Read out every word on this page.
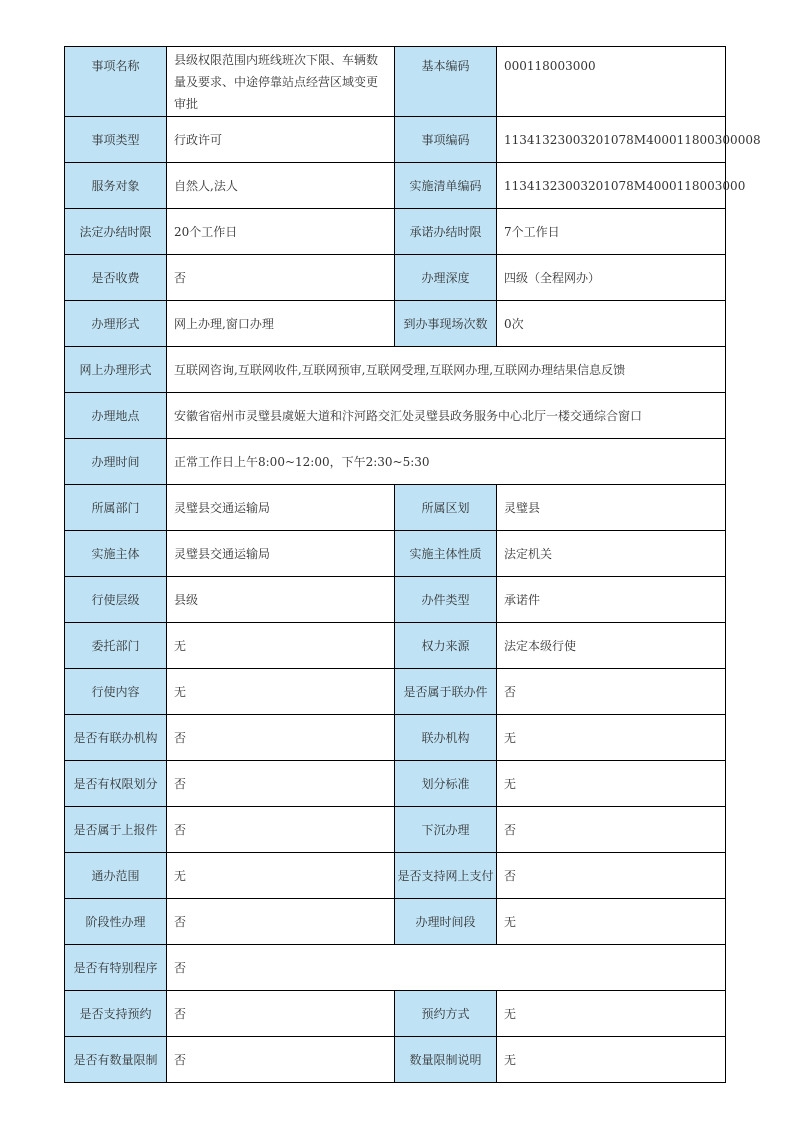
事项名称	县级权限范围内班线班次下限、车辆数量及要求、中途停靠站点经营区域变更审批	基本编码	000118003000
事项类型	行政许可	事项编码	11341323003201078M400011800300008
服务对象	自然人,法人	实施清单编码	11341323003201078M4000118003000
法定办结时限	20个工作日	承诺办结时限	7个工作日
是否收费	否	办理深度	四级（全程网办）
办理形式	网上办理,窗口办理	到办事现场次数	0次
网上办理形式	互联网咨询,互联网收件,互联网预审,互联网受理,互联网办理,互联网办理结果信息反馈		
办理地点	安徽省宿州市灵璧县虞姬大道和汴河路交汇处灵璧县政务服务中心北厅一楼交通综合窗口		
办理时间	正常工作日上午8:00~12:00，下午2:30~5:30		
所属部门	灵璧县交通运输局	所属区划	灵璧县
实施主体	灵璧县交通运输局	实施主体性质	法定机关
行使层级	县级	办件类型	承诺件
委托部门	无	权力来源	法定本级行使
行使内容	无	是否属于联办件	否
是否有联办机构	否	联办机构	无
是否有权限划分	否	划分标准	无
是否属于上报件	否	下沉办理	否
通办范围	无	是否支持网上支付	否
阶段性办理	否	办理时间段	无
是否有特别程序	否		
是否支持预约	否	预约方式	无
是否有数量限制	否	数量限制说明	无
